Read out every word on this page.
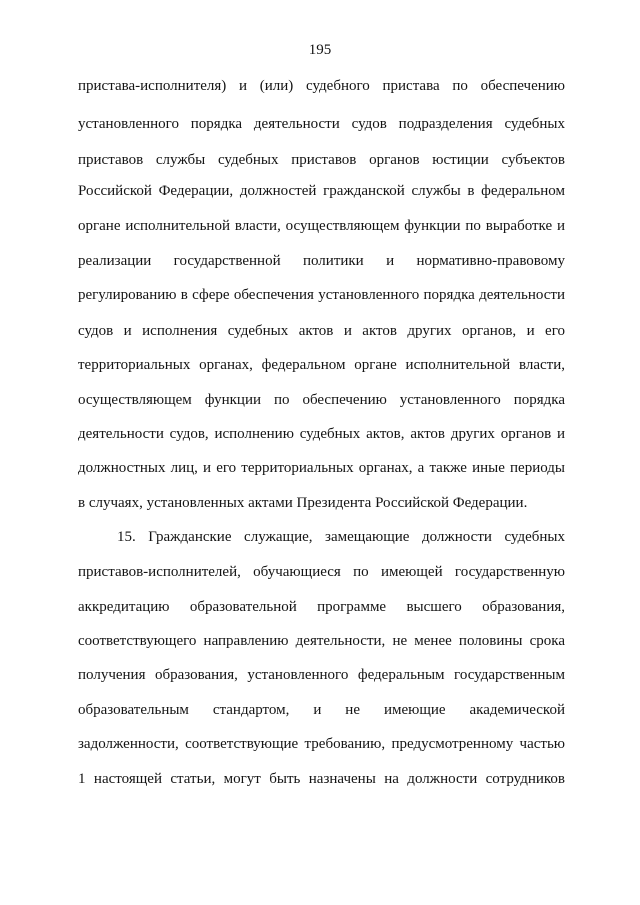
195
пристава-исполнителя) и (или) судебного пристава по обеспечению
установленного порядка деятельности судов подразделения судебных
приставов службы судебных приставов органов юстиции субъектов
Российской Федерации, должностей гражданской службы в федеральном
органе исполнительной власти, осуществляющем функции по выработке и
реализации государственной политики и нормативно-правовому
регулированию в сфере обеспечения установленного порядка деятельности
судов и исполнения судебных актов и актов других органов, и его
территориальных органах, федеральном органе исполнительной власти,
осуществляющем функции по обеспечению установленного порядка
деятельности судов, исполнению судебных актов, актов других органов и
должностных лиц, и его территориальных органах, а также иные периоды
в случаях, установленных актами Президента Российской Федерации.
15. Гражданские служащие, замещающие должности судебных
приставов-исполнителей, обучающиеся по имеющей государственную
аккредитацию образовательной программе высшего образования,
соответствующего направлению деятельности, не менее половины срока
получения образования, установленного федеральным государственным
образовательным стандартом, и не имеющие академической
задолженности, соответствующие требованию, предусмотренному частью
1 настоящей статьи, могут быть назначены на должности сотрудников
